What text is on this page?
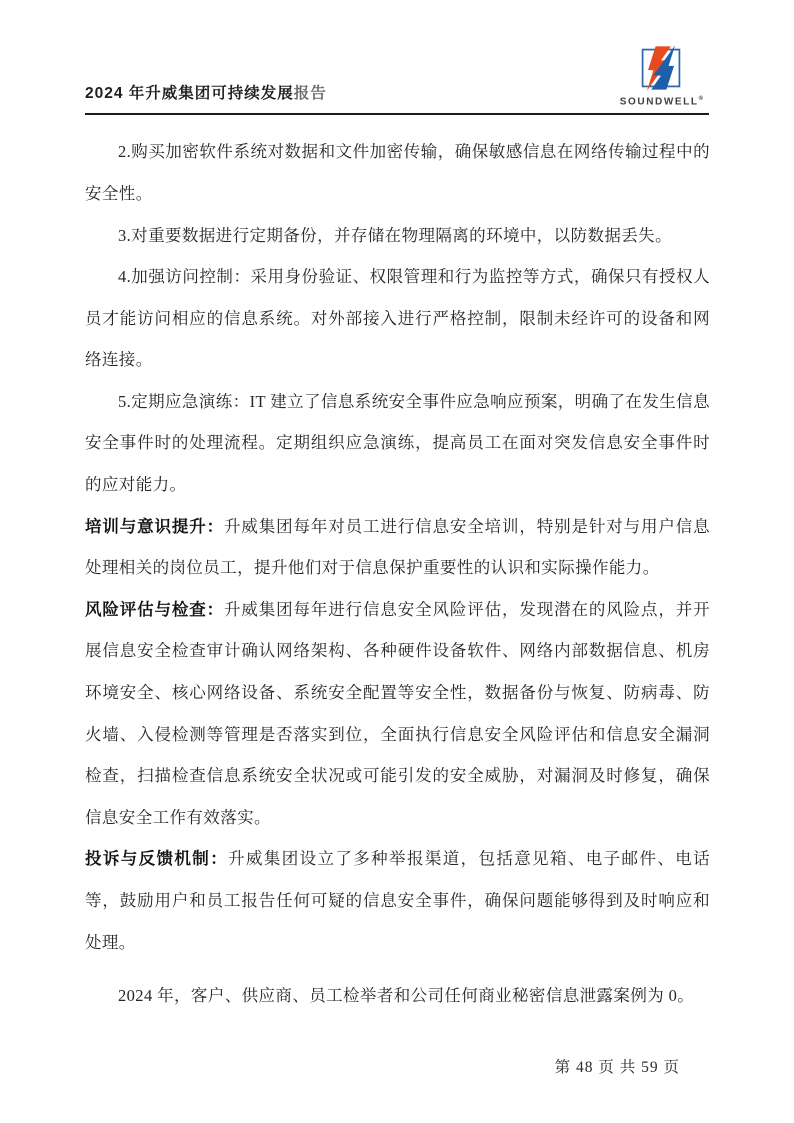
2024 年升威集团可持续发展报告	SOUNDWELL®

2.购买加密软件系统对数据和文件加密传输，确保敏感信息在网络传输过程中的安全性。

3.对重要数据进行定期备份，并存储在物理隔离的环境中，以防数据丢失。

4.加强访问控制：采用身份验证、权限管理和行为监控等方式，确保只有授权人员才能访问相应的信息系统。对外部接入进行严格控制，限制未经许可的设备和网络连接。

5.定期应急演练：IT 建立了信息系统安全事件应急响应预案，明确了在发生信息安全事件时的处理流程。定期组织应急演练，提高员工在面对突发信息安全事件时的应对能力。

培训与意识提升：升威集团每年对员工进行信息安全培训，特别是针对与用户信息处理相关的岗位员工，提升他们对于信息保护重要性的认识和实际操作能力。

风险评估与检查：升威集团每年进行信息安全风险评估，发现潜在的风险点，并开展信息安全检查审计确认网络架构、各种硬件设备软件、网络内部数据信息、机房环境安全、核心网络设备、系统安全配置等安全性，数据备份与恢复、防病毒、防火墙、入侵检测等管理是否落实到位，全面执行信息安全风险评估和信息安全漏洞检查，扫描检查信息系统安全状况或可能引发的安全威胁，对漏洞及时修复，确保信息安全工作有效落实。

投诉与反馈机制：升威集团设立了多种举报渠道，包括意见箱、电子邮件、电话等，鼓励用户和员工报告任何可疑的信息安全事件，确保问题能够得到及时响应和处理。

2024 年，客户、供应商、员工检举者和公司任何商业秘密信息泄露案例为 0。

第 48 页 共 59 页
